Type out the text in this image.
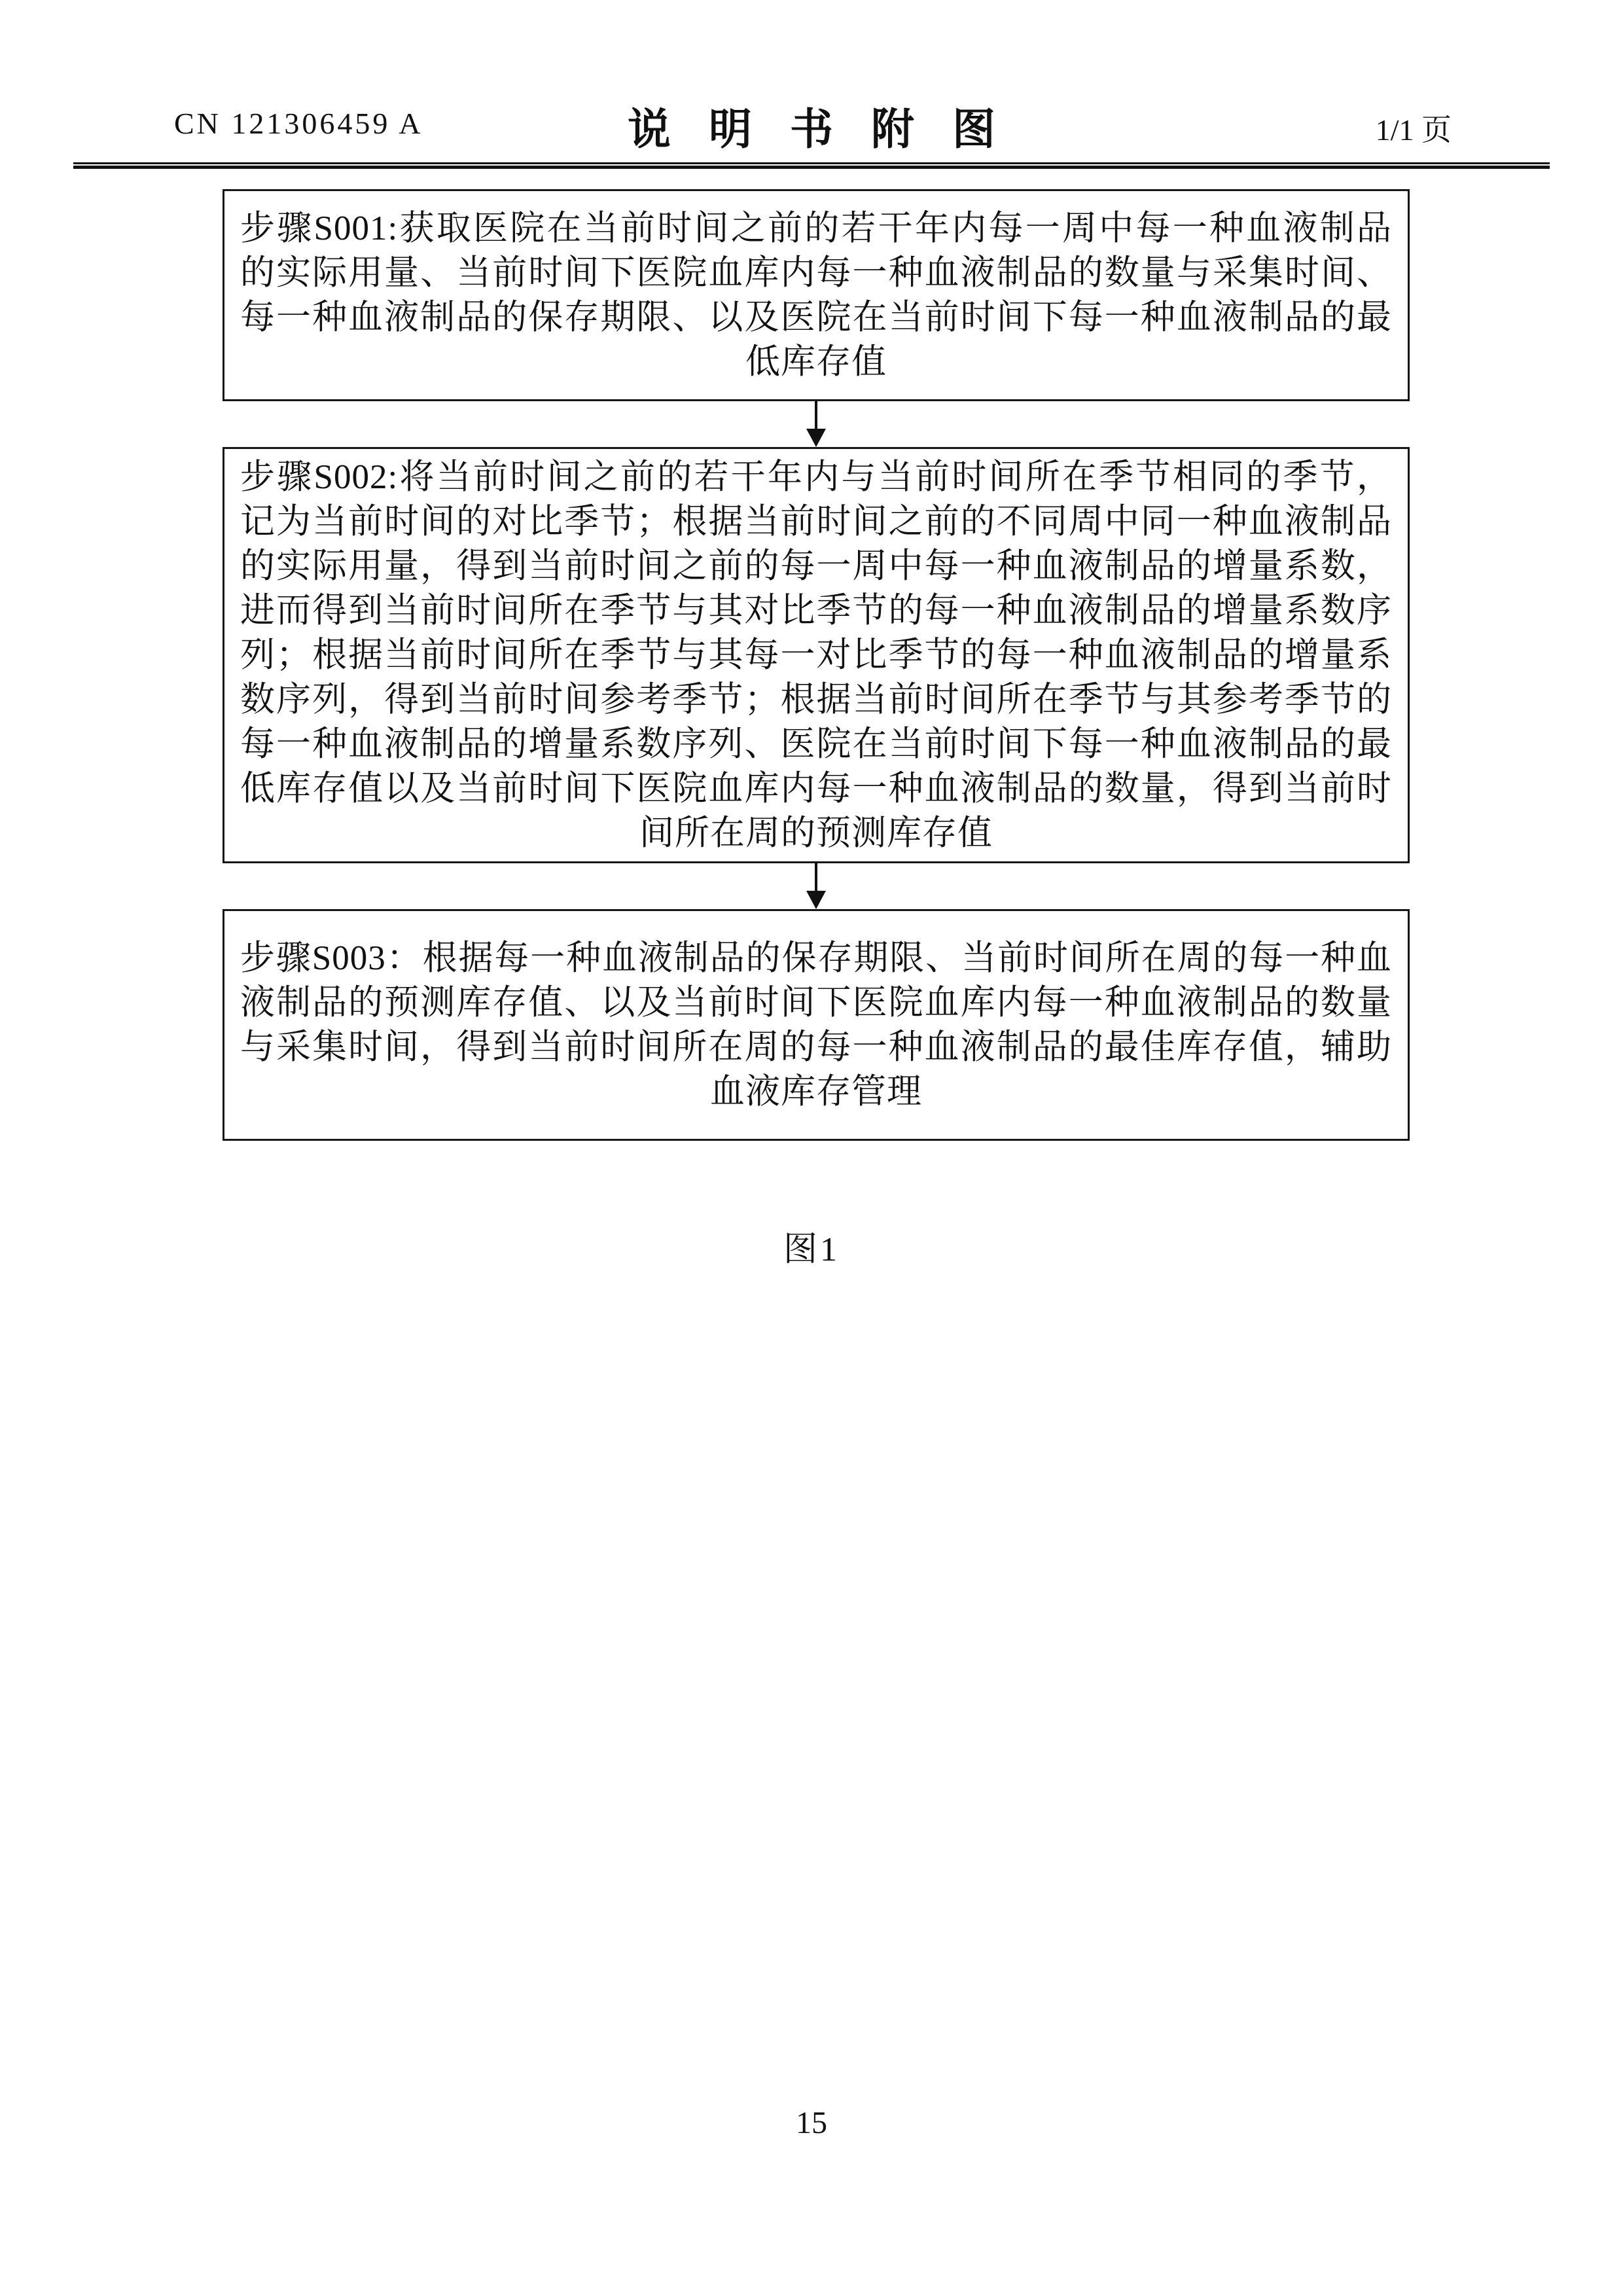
CN 121306459 A	说明书附图	1/1 页
步骤S001:获取医院在当前时间之前的若干年内每一周中每一种血液制品
的实际用量、当前时间下医院血库内每一种血液制品的数量与采集时间、
每一种血液制品的保存期限、以及医院在当前时间下每一种血液制品的最
低库存值
步骤S002:将当前时间之前的若干年内与当前时间所在季节相同的季节，
记为当前时间的对比季节；根据当前时间之前的不同周中同一种血液制品
的实际用量，得到当前时间之前的每一周中每一种血液制品的增量系数，
进而得到当前时间所在季节与其对比季节的每一种血液制品的增量系数序
列；根据当前时间所在季节与其每一对比季节的每一种血液制品的增量系
数序列，得到当前时间参考季节；根据当前时间所在季节与其参考季节的
每一种血液制品的增量系数序列、医院在当前时间下每一种血液制品的最
低库存值以及当前时间下医院血库内每一种血液制品的数量，得到当前时
间所在周的预测库存值
步骤S003：根据每一种血液制品的保存期限、当前时间所在周的每一种血
液制品的预测库存值、以及当前时间下医院血库内每一种血液制品的数量
与采集时间，得到当前时间所在周的每一种血液制品的最佳库存值，辅助
血液库存管理
图1
15
